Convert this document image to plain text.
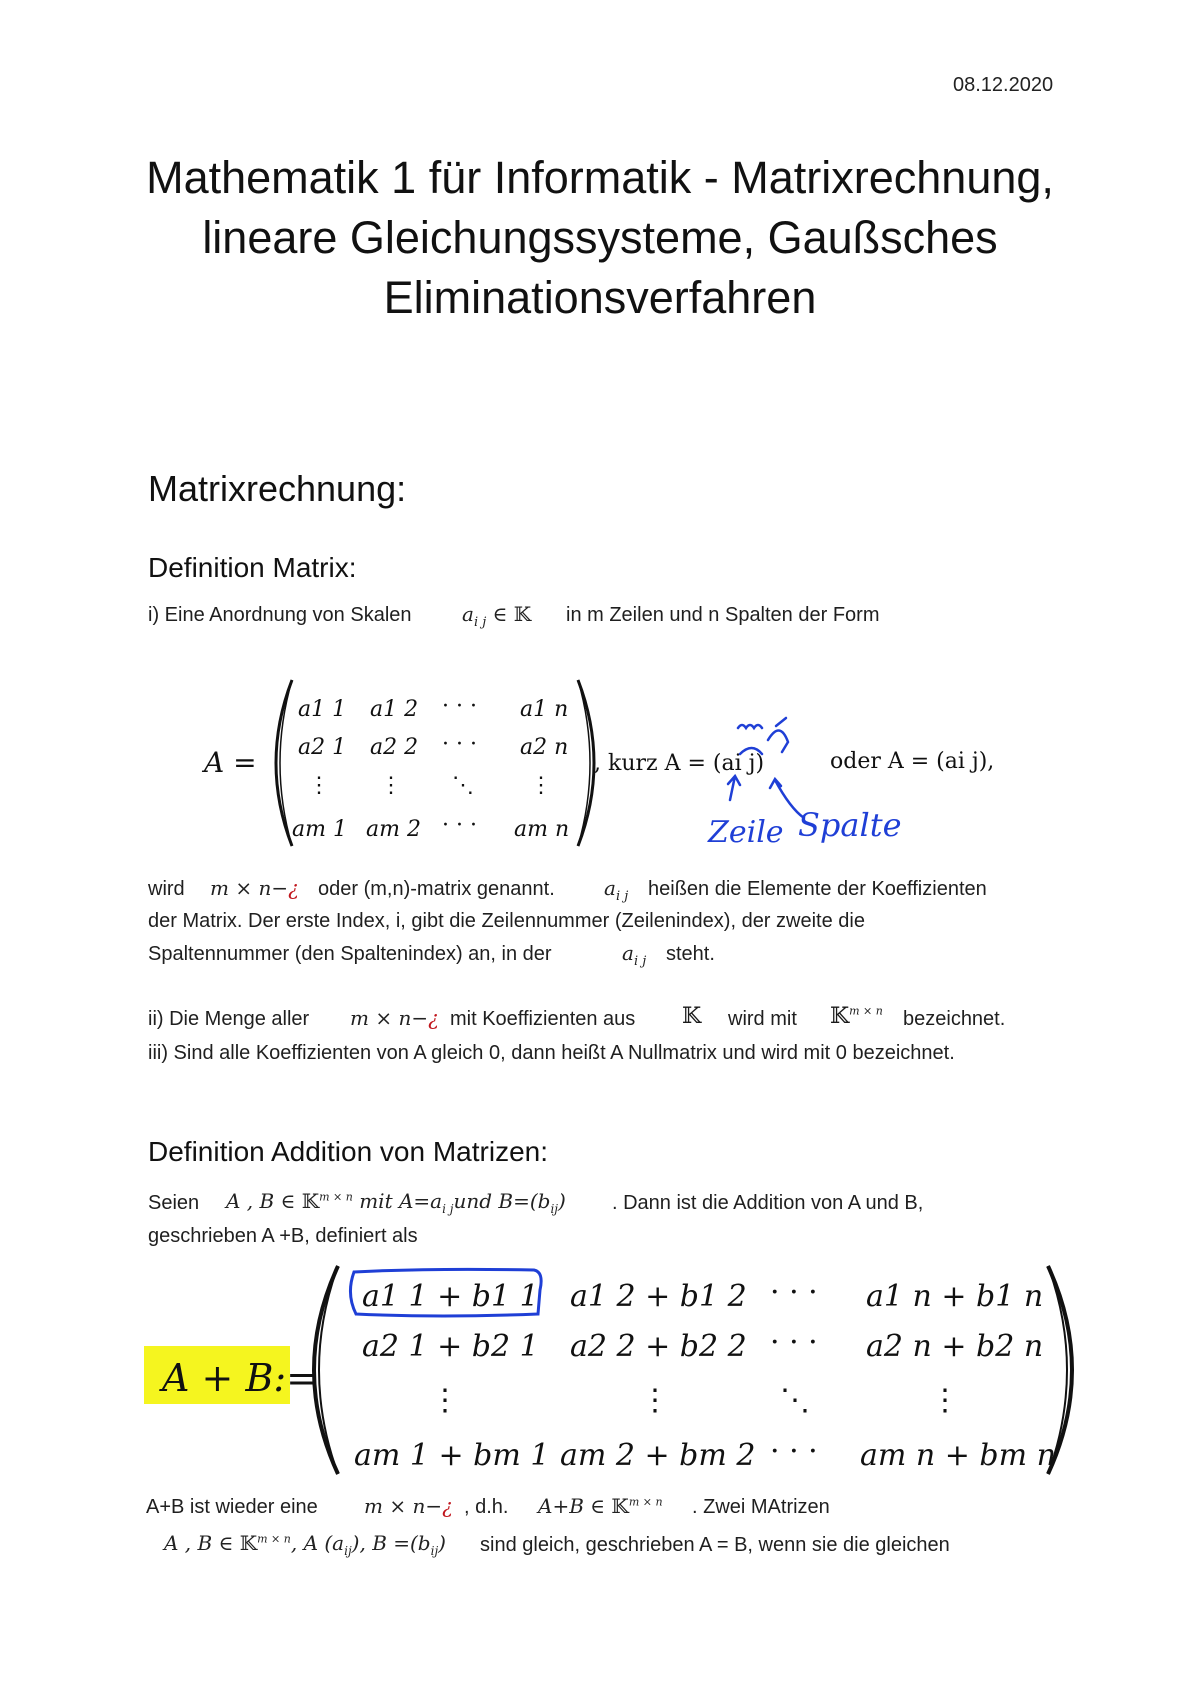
08.12.2020
Mathematik 1 für Informatik - Matrixrechnung, lineare Gleichungssysteme, Gaußsches Eliminationsverfahren
Matrixrechnung:
Definition Matrix:
i) Eine Anordnung von Skalen	$a_{i j}$ ∈ 𝕂 in m Zeilen und n Spalten der Form
A =
a1 1 a1 2 · · · a1 n
a2 1 a2 2 · · · a2 n
⋮ ⋮ ⋱	⋮
am 1 am 2 · · · am n
, kurz A = (ai j)	oder A = (ai j),
Zeile Spalte
wird m × n−¿ oder (m,n)-matrix genannt. $a_{i j}$ heißen die Elemente der Koeffizienten
der Matrix. Der erste Index, i, gibt die Zeilennummer (Zeilenindex), der zweite die
Spaltennummer (den Spaltenindex) an, in der	$a_{i j}$ steht.
ii) Die Menge aller m × n−¿ mit Koeffizienten aus 𝕂 wird mit 𝕂$^{m \times n}$ bezeichnet.
iii) Sind alle Koeffizienten von A gleich 0, dann heißt A Nullmatrix und wird mit 0 bezeichnet.
Definition Addition von Matrizen:
Seien A , B ∈ 𝕂$^{m \times n}$ mit $A=a_{i j}und$ $B=(b_{ij})$ . Dann ist die Addition von A und B,
geschrieben A +B, definiert als
A + B:=
a1 1 + b1 1 a1 2 + b1 2 · · · a1 n + b1 n
a2 1 + b2 1 a2 2 + b2 2 · · · a2 n + b2 n
⋮	⋮	⋱	⋮
am 1 + bm 1 am 2 + bm 2 · · · am n + bm n
A+B ist wieder eine m × n−¿ , d.h. A+B ∈ 𝕂$^{m \times n}$ . Zwei MAtrizen
A , B ∈ 𝕂$^{m \times n}$, A $(a_{ij})$, $B =(b_{ij})$ sind gleich, geschrieben A = B, wenn sie die gleichen
